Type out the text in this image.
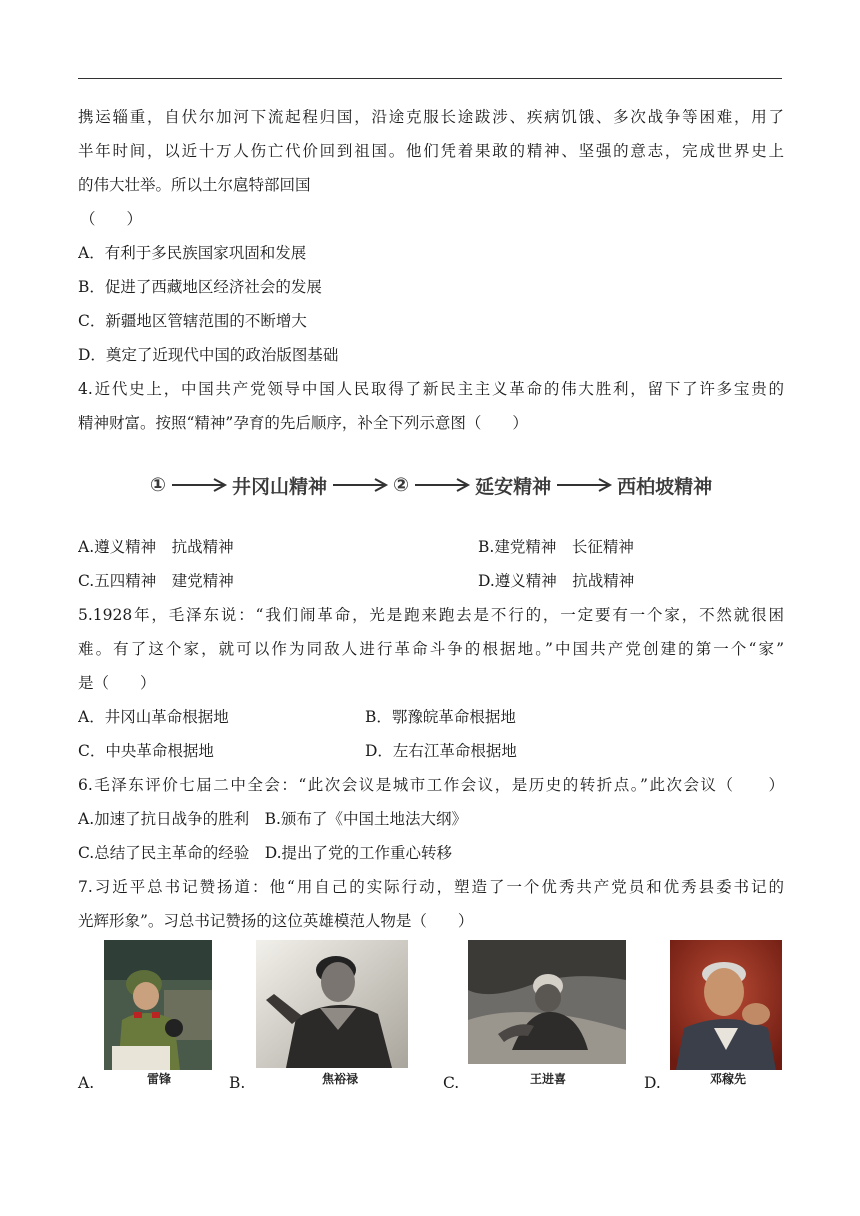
携运辎重，自伏尔加河下流起程归国，沿途克服长途跋涉、疾病饥饿、多次战争等困难，用了
半年时间，以近十万人伤亡代价回到祖国。他们凭着果敢的精神、坚强的意志，完成世界史上
的伟大壮举。所以土尔扈特部回国
（　　）
A．有利于多民族国家巩固和发展
B．促进了西藏地区经济社会的发展
C．新疆地区管辖范围的不断增大
D．奠定了近现代中国的政治版图基础
4.近代史上，中国共产党领导中国人民取得了新民主主义革命的伟大胜利，留下了许多宝贵的
精神财富。按照“精神”孕育的先后顺序，补全下列示意图（　　）
①	井冈山精神	②	延安精神	西柏坡精神
A.遵义精神　抗战精神	B.建党精神　长征精神
C.五四精神　建党精神	D.遵义精神　抗战精神
5.1928年，毛泽东说：“我们闹革命，光是跑来跑去是不行的，一定要有一个家，不然就很困
难。有了这个家，就可以作为同敌人进行革命斗争的根据地。”中国共产党创建的第一个“家”
是（　　）
A．井冈山革命根据地	B．鄂豫皖革命根据地
C．中央革命根据地	D．左右江革命根据地
6.毛泽东评价七届二中全会：“此次会议是城市工作会议，是历史的转折点。”此次会议（　　）
A.加速了抗日战争的胜利　B.颁布了《中国土地法大纲》
C.总结了民主革命的经验　D.提出了党的工作重心转移
7.习近平总书记赞扬道：他“用自己的实际行动，塑造了一个优秀共产党员和优秀县委书记的
光辉形象”。习总书记赞扬的这位英雄模范人物是（　　）
A.	雷锋	B.	焦裕禄	C.	王进喜	D.	邓稼先
